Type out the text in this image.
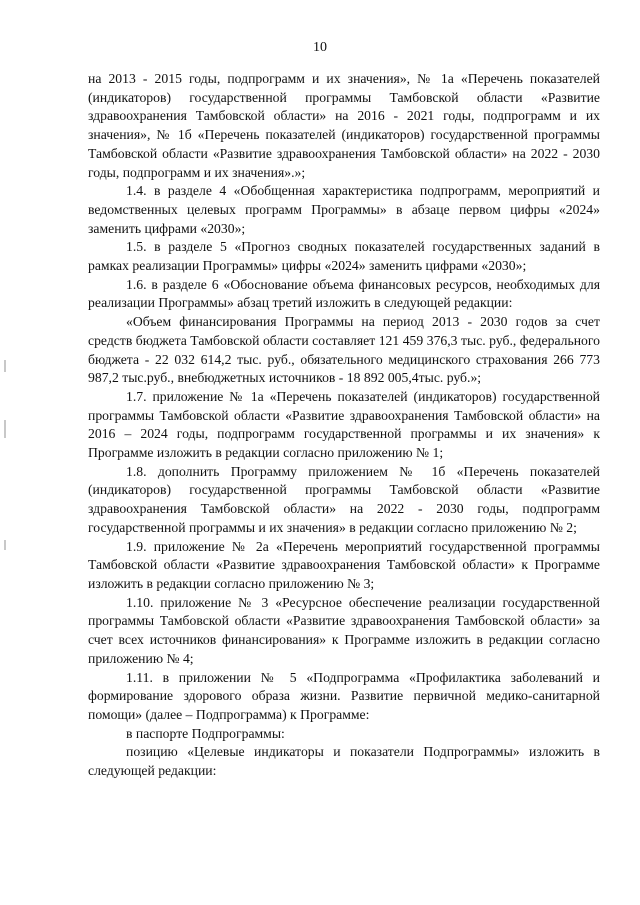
10

на 2013 - 2015 годы, подпрограмм и их значения», № 1а «Перечень показателей (индикаторов) государственной программы Тамбовской области «Развитие здравоохранения Тамбовской области» на 2016 - 2021 годы, подпрограмм и их значения», № 1б «Перечень показателей (индикаторов) государственной программы Тамбовской области «Развитие здравоохранения Тамбовской области» на 2022 - 2030 годы, подпрограмм и их значения».»;

1.4. в разделе 4 «Обобщенная характеристика подпрограмм, мероприятий и ведомственных целевых программ Программы» в абзаце первом цифры «2024» заменить цифрами «2030»;

1.5. в разделе 5 «Прогноз сводных показателей государственных заданий в рамках реализации Программы» цифры «2024» заменить цифрами «2030»;

1.6. в разделе 6 «Обоснование объема финансовых ресурсов, необходимых для реализации Программы» абзац третий изложить в следующей редакции:

«Объем финансирования Программы на период 2013 - 2030 годов за счет средств бюджета Тамбовской области составляет 121 459 376,3 тыс. руб., федерального бюджета - 22 032 614,2 тыс. руб., обязательного медицинского страхования 266 773 987,2 тыс.руб., внебюджетных источников - 18 892 005,4тыс. руб.»;

1.7. приложение № 1а «Перечень показателей (индикаторов) государственной программы Тамбовской области «Развитие здравоохранения Тамбовской области» на 2016 – 2024 годы, подпрограмм государственной программы и их значения» к Программе изложить в редакции согласно приложению № 1;

1.8. дополнить Программу приложением № 1б «Перечень показателей (индикаторов) государственной программы Тамбовской области «Развитие здравоохранения Тамбовской области» на 2022 - 2030 годы, подпрограмм государственной программы и их значения» в редакции согласно приложению № 2;

1.9. приложение № 2а «Перечень мероприятий государственной программы Тамбовской области «Развитие здравоохранения Тамбовской области» к Программе изложить в редакции согласно приложению № 3;

1.10. приложение № 3 «Ресурсное обеспечение реализации государственной программы Тамбовской области «Развитие здравоохранения Тамбовской области» за счет всех источников финансирования» к Программе изложить в редакции согласно приложению № 4;

1.11. в приложении № 5 «Подпрограмма «Профилактика заболеваний и формирование здорового образа жизни. Развитие первичной медико-санитарной помощи» (далее – Подпрограмма) к Программе:

в паспорте Подпрограммы:

позицию «Целевые индикаторы и показатели Подпрограммы» изложить в следующей редакции:
